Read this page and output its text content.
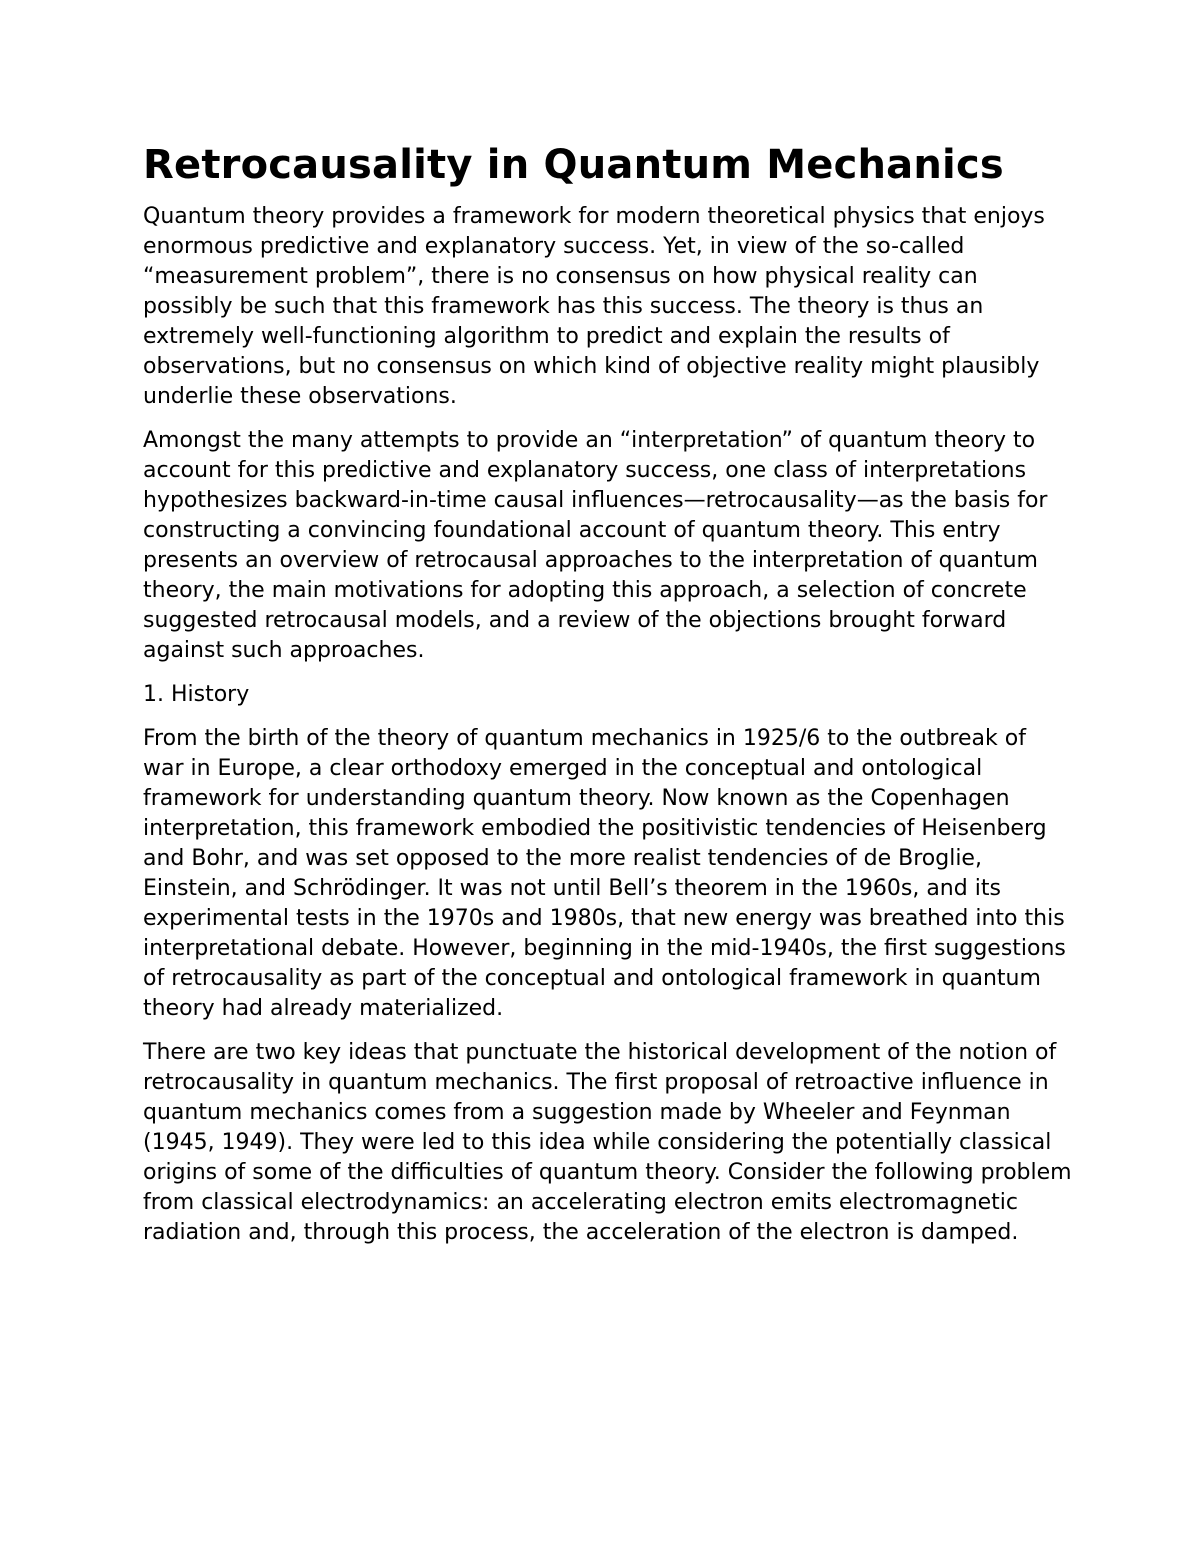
Retrocausality in Quantum Mechanics

Quantum theory provides a framework for modern theoretical physics that enjoys enormous predictive and explanatory success. Yet, in view of the so-called “measurement problem”, there is no consensus on how physical reality can possibly be such that this framework has this success. The theory is thus an extremely well-functioning algorithm to predict and explain the results of observations, but no consensus on which kind of objective reality might plausibly underlie these observations.

Amongst the many attempts to provide an “interpretation” of quantum theory to account for this predictive and explanatory success, one class of interpretations hypothesizes backward-in-time causal influences—retrocausality—as the basis for constructing a convincing foundational account of quantum theory. This entry presents an overview of retrocausal approaches to the interpretation of quantum theory, the main motivations for adopting this approach, a selection of concrete suggested retrocausal models, and a review of the objections brought forward against such approaches.

1. History

From the birth of the theory of quantum mechanics in 1925/6 to the outbreak of war in Europe, a clear orthodoxy emerged in the conceptual and ontological framework for understanding quantum theory. Now known as the Copenhagen interpretation, this framework embodied the positivistic tendencies of Heisenberg and Bohr, and was set opposed to the more realist tendencies of de Broglie, Einstein, and Schrödinger. It was not until Bell’s theorem in the 1960s, and its experimental tests in the 1970s and 1980s, that new energy was breathed into this interpretational debate. However, beginning in the mid-1940s, the first suggestions of retrocausality as part of the conceptual and ontological framework in quantum theory had already materialized.

There are two key ideas that punctuate the historical development of the notion of retrocausality in quantum mechanics. The first proposal of retroactive influence in quantum mechanics comes from a suggestion made by Wheeler and Feynman (1945, 1949). They were led to this idea while considering the potentially classical origins of some of the difficulties of quantum theory. Consider the following problem from classical electrodynamics: an accelerating electron emits electromagnetic radiation and, through this process, the acceleration of the electron is damped.
